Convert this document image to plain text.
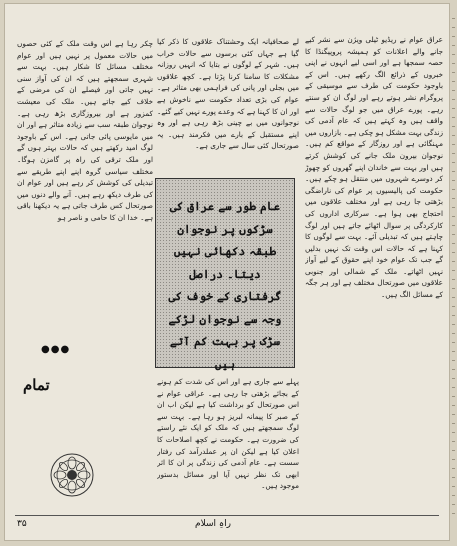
عراق عوام نے ریڈیو ٹیلی ویژن سے نشر کیے جانے والے اعلانات کو ہمیشہ پروپیگنڈا کا حصہ سمجھا ہے اور اسی لیے انہوں نے اپنی خبروں کے ذرائع الگ رکھے ہیں۔ اس کے باوجود حکومت کی طرف سے موسیقی کے پروگرام نشر ہوتے رہے اور لوگ ان کو سنتے رہے۔ پورے عراق میں جو لوگ حالات سے واقف ہیں وہ کہتے ہیں کہ عام آدمی کی زندگی بہت مشکل ہو چکی ہے۔ بازاروں میں مہنگائی ہے اور روزگار کے مواقع کم ہیں۔ نوجوان بیرون ملک جانے کی کوشش کرتے ہیں اور بہت سے خاندان اپنے گھروں کو چھوڑ کر دوسرے شہروں میں منتقل ہو چکے ہیں۔ حکومت کی پالیسیوں پر عوام کی ناراضگی بڑھتی جا رہی ہے اور مختلف علاقوں میں احتجاج بھی ہوا ہے۔ سرکاری اداروں کی کارکردگی پر سوال اٹھائے جاتے ہیں اور لوگ چاہتے ہیں کہ تبدیلی آئے۔ بہت سے لوگوں کا کہنا ہے کہ حالات اس وقت تک نہیں بدلیں گے جب تک عوام خود اپنے حقوق کے لیے آواز نہیں اٹھاتے۔ ملک کے شمالی اور جنوبی علاقوں میں صورتحال مختلف ہے اور ہر جگہ کے مسائل الگ ہیں۔

لے صحافیانہ ایک وحشتناک علاقوں کا ذکر کیا گیا ہے جہاں کئی برسوں سے حالات خراب ہیں۔ شہر کے لوگوں نے بتایا کہ انہیں روزانہ مشکلات کا سامنا کرنا پڑتا ہے۔ کچھ علاقوں میں بجلی اور پانی کی فراہمی بھی متاثر ہے۔ عوام کی بڑی تعداد حکومت سے ناخوش ہے اور ان کا کہنا ہے کہ وعدے پورے نہیں کیے گئے۔ نوجوانوں میں بے چینی بڑھ رہی ہے اور وہ اپنے مستقبل کے بارے میں فکرمند ہیں۔ یہ صورتحال کئی سال سے جاری ہے۔

عام طور سے عراق کی سڑکوں پر نوجوان طبقہ دکھائی نہیں دیتا۔ دراصل گرفتاری کے خوف کی وجہ سے نوجوان لڑکے سڑک پر بہت کم آتے ہیں

پہلے سے جاری ہے اور اس کی شدت کم ہونے کے بجائے بڑھتی جا رہی ہے۔ عراقی عوام نے اس صورتحال کو برداشت کیا ہے لیکن اب ان کے صبر کا پیمانہ لبریز ہو رہا ہے۔ بہت سے لوگ سمجھتے ہیں کہ ملک کو ایک نئے راستے کی ضرورت ہے۔ حکومت نے کچھ اصلاحات کا اعلان کیا ہے لیکن ان پر عملدرآمد کی رفتار سست ہے۔ عام آدمی کی زندگی پر ان کا اثر ابھی تک نظر نہیں آیا اور مسائل بدستور موجود ہیں۔

چکر رہا ہے اس وقت ملک کے کئی حصوں میں حالات معمول پر نہیں ہیں اور عوام مختلف مسائل کا شکار ہیں۔ بہت سے شہری سمجھتے ہیں کہ ان کی آواز سنی نہیں جاتی اور فیصلے ان کی مرضی کے خلاف کیے جاتے ہیں۔ ملک کی معیشت کمزور ہے اور بیروزگاری بڑھ رہی ہے۔ نوجوان طبقہ سب سے زیادہ متاثر ہے اور ان میں مایوسی پائی جاتی ہے۔ اس کے باوجود لوگ امید رکھتے ہیں کہ حالات بہتر ہوں گے اور ملک ترقی کی راہ پر گامزن ہوگا۔ مختلف سیاسی گروہ اپنے اپنے طریقے سے تبدیلی کی کوشش کر رہے ہیں اور عوام ان کی طرف دیکھ رہے ہیں۔ آنے والے دنوں میں صورتحال کس طرف جاتی ہے یہ دیکھنا باقی ہے۔ خدا ان کا حامی و ناصر ہو

●●●
تمام
راہِ اسلام
۳۵
